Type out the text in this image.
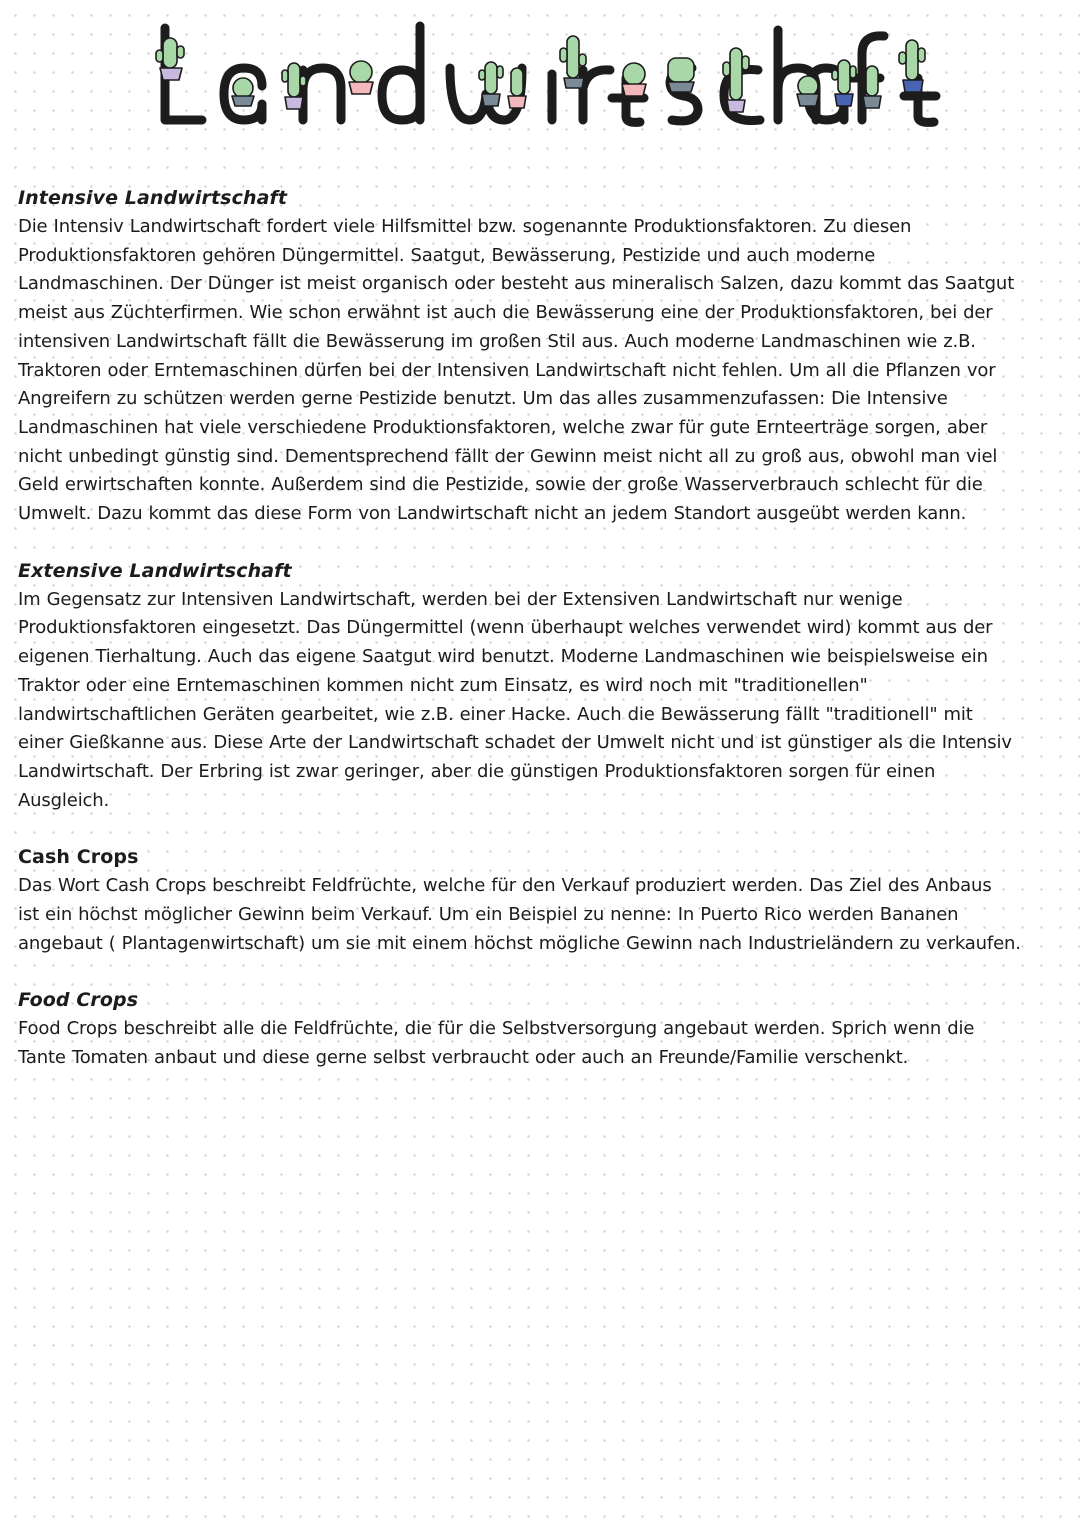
Intensive Landwirtschaft

Die Intensiv Landwirtschaft fordert viele Hilfsmittel bzw. sogenannte Produktionsfaktoren. Zu diesen
Produktionsfaktoren gehören Düngermittel. Saatgut, Bewässerung, Pestizide und auch moderne
Landmaschinen. Der Dünger ist meist organisch oder besteht aus mineralisch Salzen, dazu kommt das Saatgut
meist aus Züchterfirmen. Wie schon erwähnt ist auch die Bewässerung eine der Produktionsfaktoren, bei der
intensiven Landwirtschaft fällt die Bewässerung im großen Stil aus. Auch moderne Landmaschinen wie z.B.
Traktoren oder Erntemaschinen dürfen bei der Intensiven Landwirtschaft nicht fehlen. Um all die Pflanzen vor
Angreifern zu schützen werden gerne Pestizide benutzt. Um das alles zusammenzufassen: Die Intensive
Landmaschinen hat viele verschiedene Produktionsfaktoren, welche zwar für gute Ernteerträge sorgen, aber
nicht unbedingt günstig sind. Dementsprechend fällt der Gewinn meist nicht all zu groß aus, obwohl man viel
Geld erwirtschaften konnte. Außerdem sind die Pestizide, sowie der große Wasserverbrauch schlecht für die
Umwelt. Dazu kommt das diese Form von Landwirtschaft nicht an jedem Standort ausgeübt werden kann.

Extensive Landwirtschaft

Im Gegensatz zur Intensiven Landwirtschaft, werden bei der Extensiven Landwirtschaft nur wenige
Produktionsfaktoren eingesetzt. Das Düngermittel (wenn überhaupt welches verwendet wird) kommt aus der
eigenen Tierhaltung. Auch das eigene Saatgut wird benutzt. Moderne Landmaschinen wie beispielsweise ein
Traktor oder eine Erntemaschinen kommen nicht zum Einsatz, es wird noch mit "traditionellen"
landwirtschaftlichen Geräten gearbeitet, wie z.B. einer Hacke. Auch die Bewässerung fällt "traditionell" mit
einer Gießkanne aus. Diese Arte der Landwirtschaft schadet der Umwelt nicht und ist günstiger als die Intensiv
Landwirtschaft. Der Erbring ist zwar geringer, aber die günstigen Produktionsfaktoren sorgen für einen
Ausgleich.

Cash Crops

Das Wort Cash Crops beschreibt Feldfrüchte, welche für den Verkauf produziert werden. Das Ziel des Anbaus
ist ein höchst möglicher Gewinn beim Verkauf. Um ein Beispiel zu nenne: In Puerto Rico werden Bananen
angebaut ( Plantagenwirtschaft) um sie mit einem höchst mögliche Gewinn nach Industrieländern zu verkaufen.

Food Crops

Food Crops beschreibt alle die Feldfrüchte, die für die Selbstversorgung angebaut werden. Sprich wenn die
Tante Tomaten anbaut und diese gerne selbst verbraucht oder auch an Freunde/Familie verschenkt.
